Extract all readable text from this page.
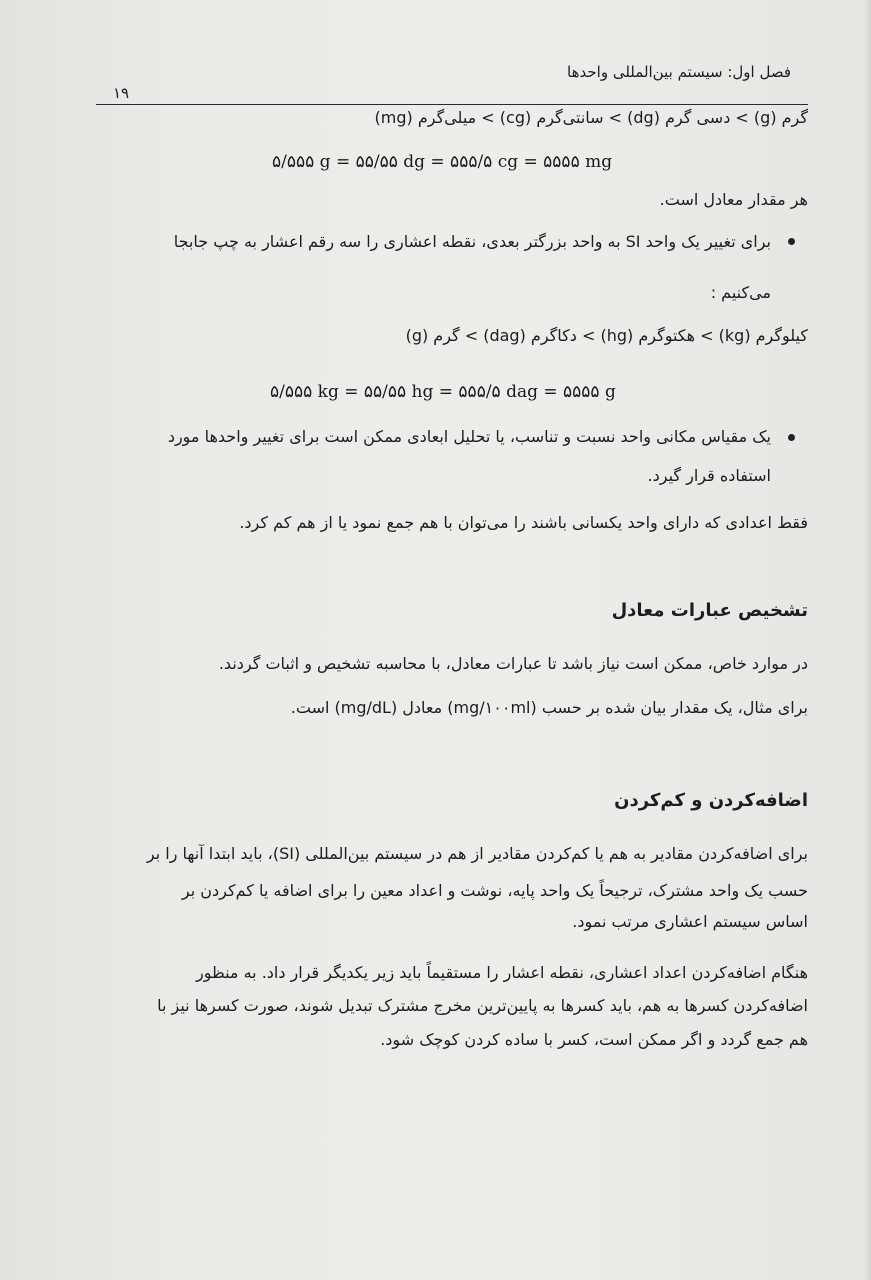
فصل اول: سیستم بین‌المللی واحدها
۱۹
گرم (g) > دسی گرم (dg) > سانتی‌گرم (cg) > میلی‌گرم (mg)
۵/۵۵۵ g = ۵۵/۵۵ dg = ۵۵۵/۵ cg = ۵۵۵۵ mg
هر مقدار معادل است.
برای تغییر یک واحد SI به واحد بزرگتر بعدی، نقطه اعشاری را سه رقم اعشار به چپ جابجا
می‌کنیم :
کیلوگرم (kg) > هکتوگرم (hg) > دکاگرم (dag) > گرم (g)
۵/۵۵۵ kg = ۵۵/۵۵ hg = ۵۵۵/۵ dag = ۵۵۵۵ g
یک مقیاس مکانی واحد نسبت و تناسب، یا تحلیل ابعادی ممکن است برای تغییر واحدها مورد
استفاده قرار گیرد.
فقط اعدادی که دارای واحد یکسانی باشند را می‌توان با هم جمع نمود یا از هم کم کرد.
تشخیص عبارات معادل
در موارد خاص، ممکن است نیاز باشد تا عبارات معادل، با محاسبه تشخیص و اثبات گردند.
برای مثال، یک مقدار بیان شده بر حسب (mg/۱۰۰ml) معادل (mg/dL) است.
اضافه‌کردن و کم‌کردن
برای اضافه‌کردن مقادیر به هم یا کم‌کردن مقادیر از هم در سیستم بین‌المللی (SI)، باید ابتدا آنها را بر
حسب یک واحد مشترک، ترجیحاً یک واحد پایه، نوشت و اعداد معین را برای اضافه یا کم‌کردن بر
اساس سیستم اعشاری مرتب نمود.
هنگام اضافه‌کردن اعداد اعشاری، نقطه اعشار را مستقیماً باید زیر یکدیگر قرار داد. به منظور
اضافه‌کردن کسرها به هم، باید کسرها به پایین‌ترین مخرج مشترک تبدیل شوند، صورت کسرها نیز با
هم جمع گردد و اگر ممکن است، کسر با ساده کردن کوچک شود.
